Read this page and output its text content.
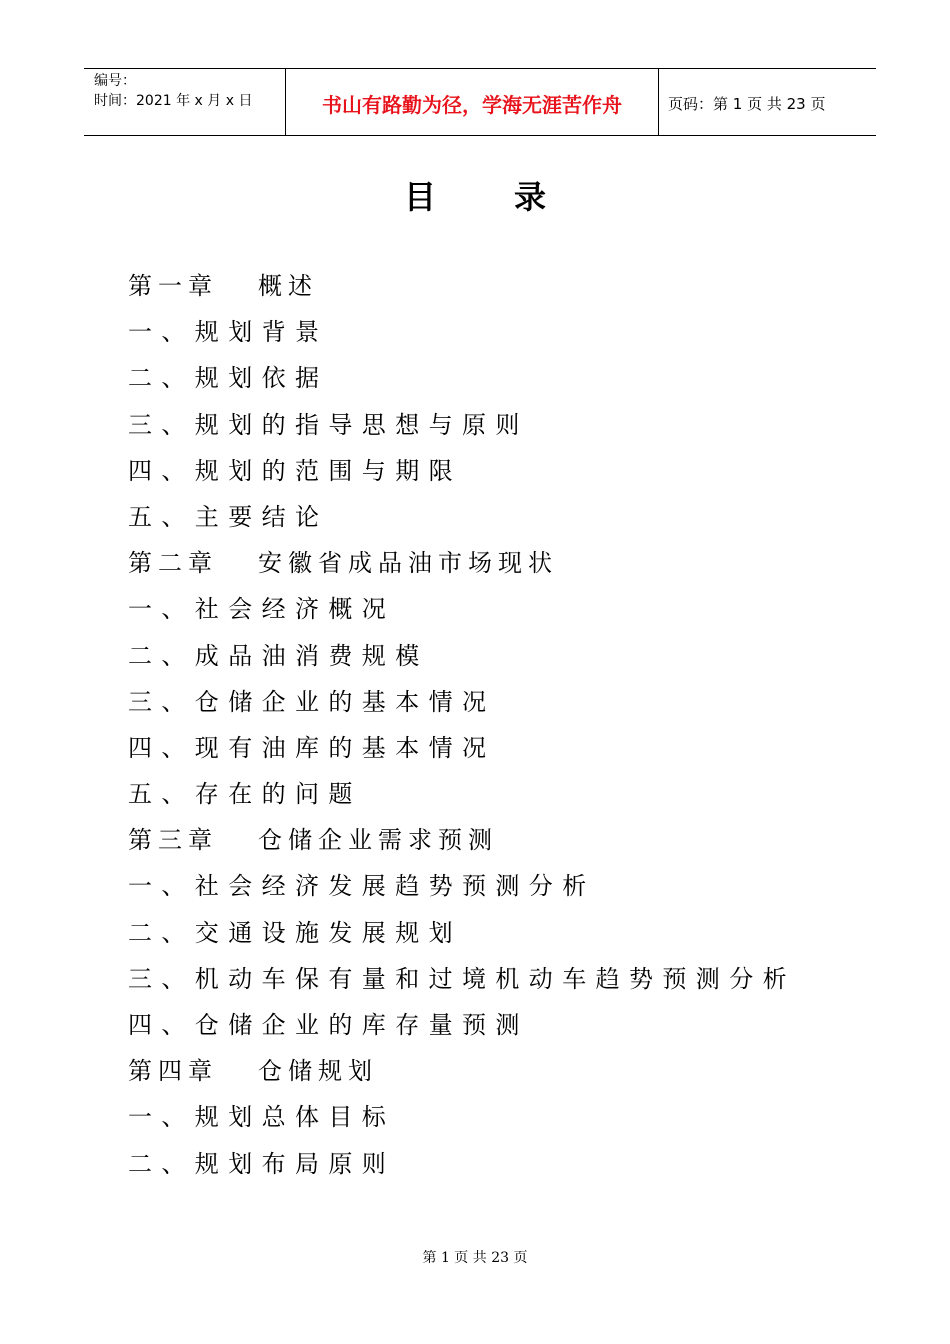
编号：
时间：2021 年 x 月 x 日	书山有路勤为径，学海无涯苦作舟	页码：第 1 页 共 23 页
目录
第一章 概述
一、规划背景
二、规划依据
三、规划的指导思想与原则
四、规划的范围与期限
五、主要结论
第二章 安徽省成品油市场现状
一、社会经济概况
二、成品油消费规模
三、仓储企业的基本情况
四、现有油库的基本情况
五、存在的问题
第三章 仓储企业需求预测
一、社会经济发展趋势预测分析
二、交通设施发展规划
三、机动车保有量和过境机动车趋势预测分析
四、仓储企业的库存量预测
第四章 仓储规划
一、规划总体目标
二、规划布局原则
第 1 页 共 23 页
